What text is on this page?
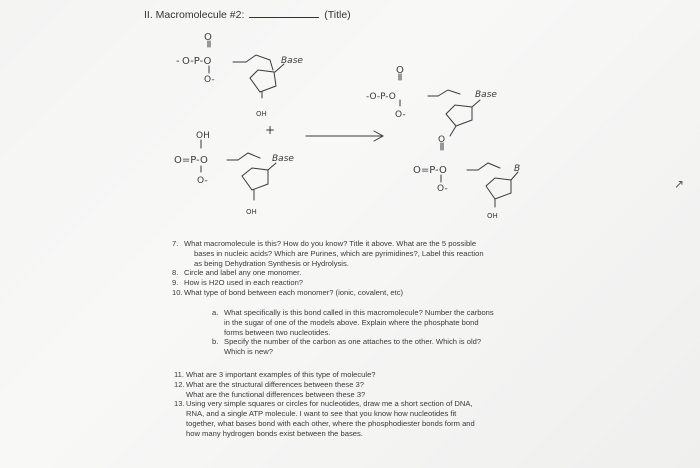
II. Macromolecule #2:	(Title)
O
- O-P-O
O-
Base
OH
+
OH
O=P-O
O-
Base
OH
O
-O-P-O
O-
Base
O
O=P-O
O-
B
OH
↗
7. What macromolecule is this? How do you know? Title it above. What are the 5 possible
bases in nucleic acids? Which are Purines, which are pyrimidines?, Label this reaction
as being Dehydration Synthesis or Hydrolysis.
8. Circle and label any one monomer.
9. How is H2O used in each reaction?
10.What type of bond between each monomer? (ionic, covalent, etc)
a. What specifically is this bond called in this macromolecule? Number the carbons
in the sugar of one of the models above. Explain where the phosphate bond
forms between two nucleotides.
b. Specify the number of the carbon as one attaches to the other. Which is old?
Which is new?
11. What are 3 important examples of this type of molecule?
12.What are the structural differences between these 3?
What are the functional differences between these 3?
13.Using very simple squares or circles for nucleotides, draw me a short section of DNA,
RNA, and a single ATP molecule. I want to see that you know how nucleotides fit
together, what bases bond with each other, where the phosphodiester bonds form and
how many hydrogen bonds exist between the bases.
